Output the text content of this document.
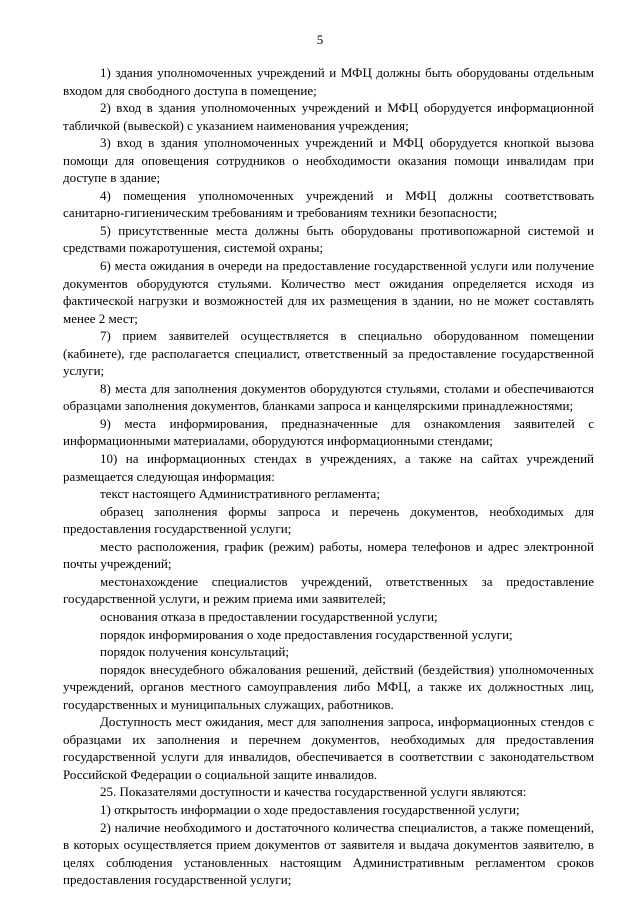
5

1) здания уполномоченных учреждений и МФЦ должны быть оборудованы отдельным входом для свободного доступа в помещение;

2) вход в здания уполномоченных учреждений и МФЦ оборудуется информационной табличкой (вывеской) с указанием наименования учреждения;

3) вход в здания уполномоченных учреждений и МФЦ оборудуется кнопкой вызова помощи для оповещения сотрудников о необходимости оказания помощи инвалидам при доступе в здание;

4) помещения уполномоченных учреждений и МФЦ должны соответствовать санитарно-гигиеническим требованиям и требованиям техники безопасности;

5) присутственные места должны быть оборудованы противопожарной системой и средствами пожаротушения, системой охраны;

6) места ожидания в очереди на предоставление государственной услуги или получение документов оборудуются стульями. Количество мест ожидания определяется исходя из фактической нагрузки и возможностей для их размещения в здании, но не может составлять менее 2 мест;

7) прием заявителей осуществляется в специально оборудованном помещении (кабинете), где располагается специалист, ответственный за предоставление государственной услуги;

8) места для заполнения документов оборудуются стульями, столами и обеспечиваются образцами заполнения документов, бланками запроса и канцелярскими принадлежностями;

9) места информирования, предназначенные для ознакомления заявителей с информационными материалами, оборудуются информационными стендами;

10) на информационных стендах в учреждениях, а также на сайтах учреждений размещается следующая информация:

текст настоящего Административного регламента;

образец заполнения формы запроса и перечень документов, необходимых для предоставления государственной услуги;

место расположения, график (режим) работы, номера телефонов и адрес электронной почты учреждений;

местонахождение специалистов учреждений, ответственных за предоставление государственной услуги, и режим приема ими заявителей;

основания отказа в предоставлении государственной услуги;

порядок информирования о ходе предоставления государственной услуги;

порядок получения консультаций;

порядок внесудебного обжалования решений, действий (бездействия) уполномоченных учреждений, органов местного самоуправления либо МФЦ, а также их должностных лиц, государственных и муниципальных служащих, работников.

Доступность мест ожидания, мест для заполнения запроса, информационных стендов с образцами их заполнения и перечнем документов, необходимых для предоставления государственной услуги для инвалидов, обеспечивается в соответствии с законодательством Российской Федерации о социальной защите инвалидов.

25. Показателями доступности и качества государственной услуги являются:

1) открытость информации о ходе предоставления государственной услуги;

2) наличие необходимого и достаточного количества специалистов, а также помещений, в которых осуществляется прием документов от заявителя и выдача документов заявителю, в целях соблюдения установленных настоящим Административным регламентом сроков предоставления государственной услуги;
